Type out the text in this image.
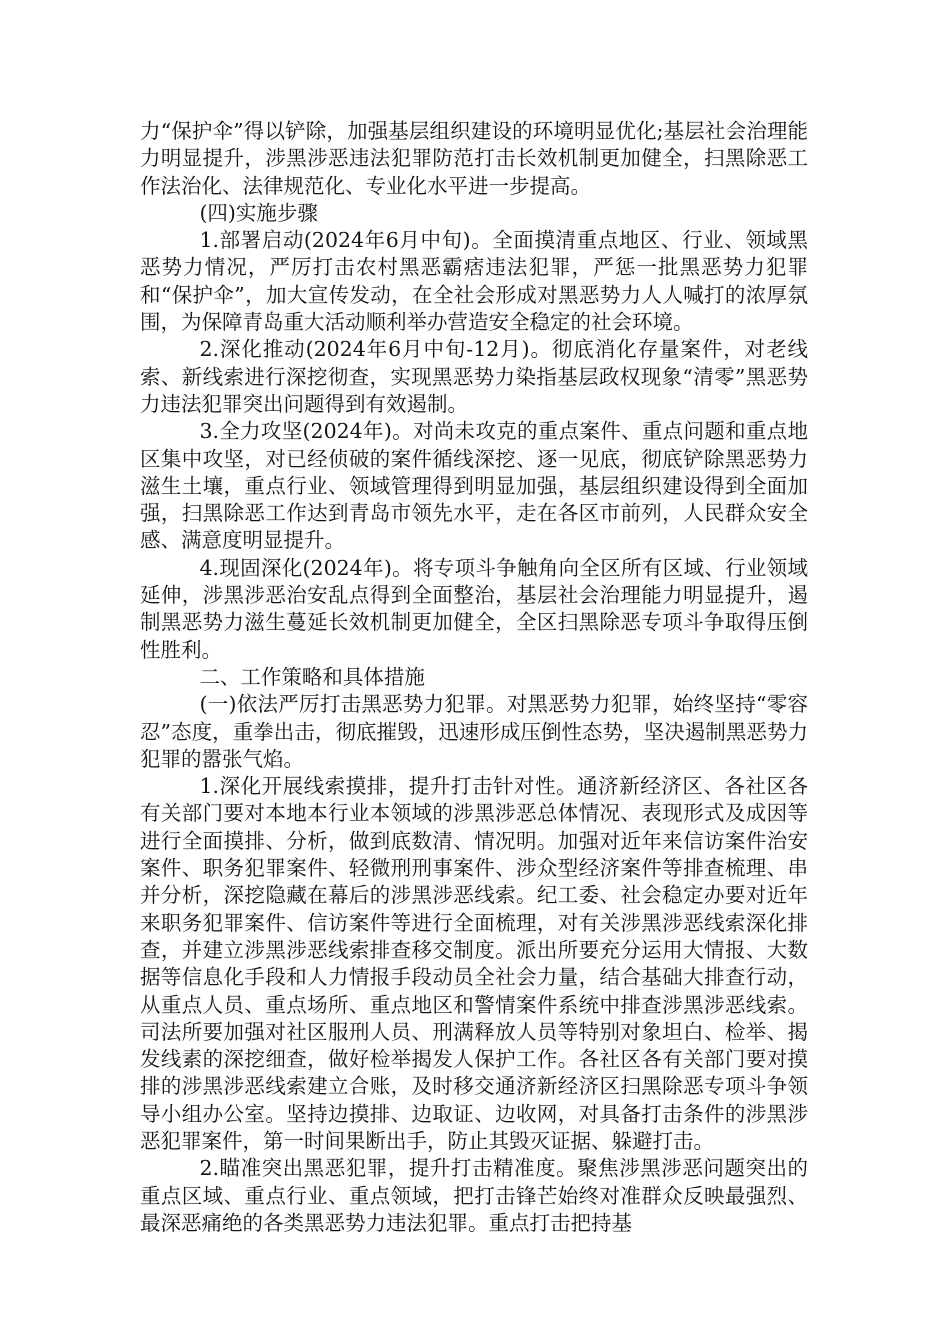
力“保护伞”得以铲除，加强基层组织建设的环境明显优化;基层社会治理能力明显提升，涉黑涉恶违法犯罪防范打击长效机制更加健全，扫黑除恶工作法治化、法律规范化、专业化水平进一步提高。

(四)实施步骤

1.部署启动(2024年6月中旬)。全面摸清重点地区、行业、领域黑恶势力情况，严厉打击农村黑恶霸痞违法犯罪，严惩一批黑恶势力犯罪和“保护伞”，加大宣传发动，在全社会形成对黑恶势力人人喊打的浓厚氛围，为保障青岛重大活动顺利举办营造安全稳定的社会环境。

2.深化推动(2024年6月中旬-12月)。彻底消化存量案件，对老线索、新线索进行深挖彻查，实现黑恶势力染指基层政权现象“清零”黑恶势力违法犯罪突出问题得到有效遏制。

3.全力攻坚(2024年)。对尚未攻克的重点案件、重点问题和重点地区集中攻坚，对已经侦破的案件循线深挖、逐一见底，彻底铲除黑恶势力滋生土壤，重点行业、领域管理得到明显加强，基层组织建设得到全面加强，扫黑除恶工作达到青岛市领先水平，走在各区市前列，人民群众安全感、满意度明显提升。

4.现固深化(2024年)。将专项斗争触角向全区所有区域、行业领域延伸，涉黑涉恶治安乱点得到全面整治，基层社会治理能力明显提升，遏制黑恶势力滋生蔓延长效机制更加健全，全区扫黑除恶专项斗争取得压倒性胜利。

二、工作策略和具体措施

(一)依法严厉打击黑恶势力犯罪。对黑恶势力犯罪，始终坚持“零容忍”态度，重拳出击，彻底摧毁，迅速形成压倒性态势，坚决遏制黑恶势力犯罪的嚣张气焰。

1.深化开展线索摸排，提升打击针对性。通济新经济区、各社区各有关部门要对本地本行业本领域的涉黑涉恶总体情况、表现形式及成因等进行全面摸排、分析，做到底数清、情况明。加强对近年来信访案件治安案件、职务犯罪案件、轻微刑刑事案件、涉众型经济案件等排查梳理、串并分析，深挖隐藏在幕后的涉黑涉恶线索。纪工委、社会稳定办要对近年来职务犯罪案件、信访案件等进行全面梳理，对有关涉黑涉恶线索深化排查，并建立涉黑涉恶线索排查移交制度。派出所要充分运用大情报、大数据等信息化手段和人力情报手段动员全社会力量，结合基础大排查行动，从重点人员、重点场所、重点地区和警情案件系统中排查涉黑涉恶线索。司法所要加强对社区服刑人员、刑满释放人员等特别对象坦白、检举、揭发线素的深挖细查，做好检举揭发人保护工作。各社区各有关部门要对摸排的涉黑涉恶线索建立合账，及时移交通济新经济区扫黑除恶专项斗争领导小组办公室。坚持边摸排、边取证、边收网，对具备打击条件的涉黑涉恶犯罪案件，第一时间果断出手，防止其毁灭证据、躲避打击。

2.瞄准突出黑恶犯罪，提升打击精准度。聚焦涉黑涉恶问题突出的重点区域、重点行业、重点领域，把打击锋芒始终对准群众反映最强烈、最深恶痛绝的各类黑恶势力违法犯罪。重点打击把持基
